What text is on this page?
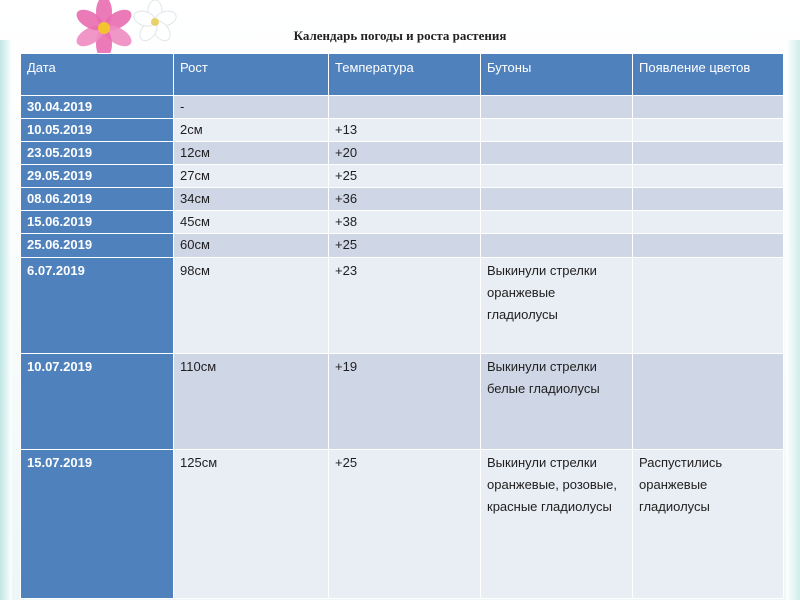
Календарь погоды и роста растения
Дата	Рост	Температура	Бутоны	Появление цветов
30.04.2019	-			
10.05.2019	2см	+13		
23.05.2019	12см	+20		
29.05.2019	27см	+25		
08.06.2019	34см	+36		
15.06.2019	45см	+38		
25.06.2019	60см	+25		
6.07.2019	98см	+23	Выкинули стрелки оранжевые гладиолусы	
10.07.2019	110см	+19	Выкинули стрелки белые гладиолусы	
15.07.2019	125см	+25	Выкинули стрелки оранжевые, розовые, красные гладиолусы	Распустились оранжевые гладиолусы
